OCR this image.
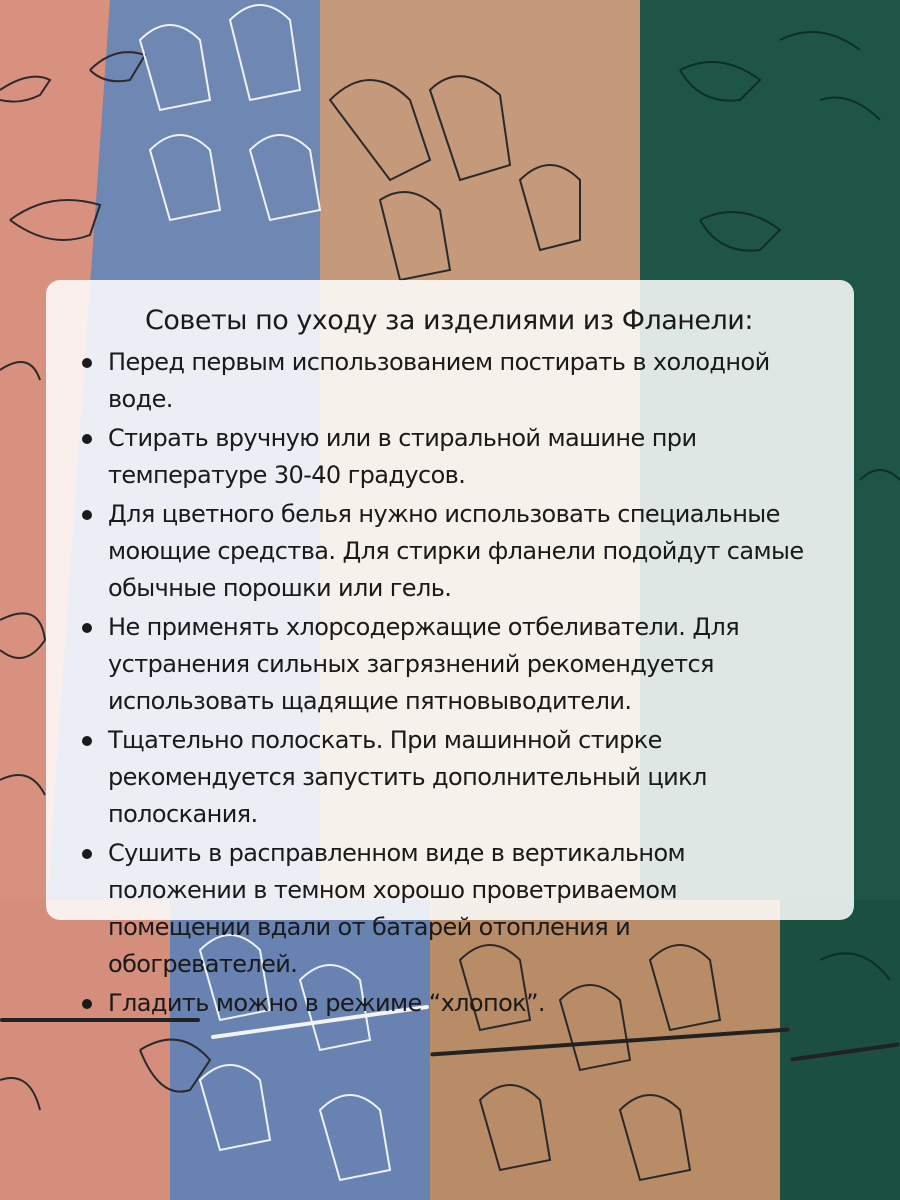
Советы по уходу за изделиями из Фланели:
Перед первым использованием постирать в холодной воде.
Стирать вручную или в стиральной машине при температуре 30-40 градусов.
Для цветного белья нужно использовать специальные моющие средства. Для стирки фланели подойдут самые обычные порошки или гель.
Не применять хлорсодержащие отбеливатели. Для устранения сильных загрязнений рекомендуется использовать щадящие пятновыводители.
Тщательно полоскать. При машинной стирке рекомендуется запустить дополнительный цикл полоскания.
Сушить в расправленном виде в вертикальном положении в темном хорошо проветриваемом помещении вдали от батарей отопления и обогревателей.
Гладить можно в режиме “хлопок”.
